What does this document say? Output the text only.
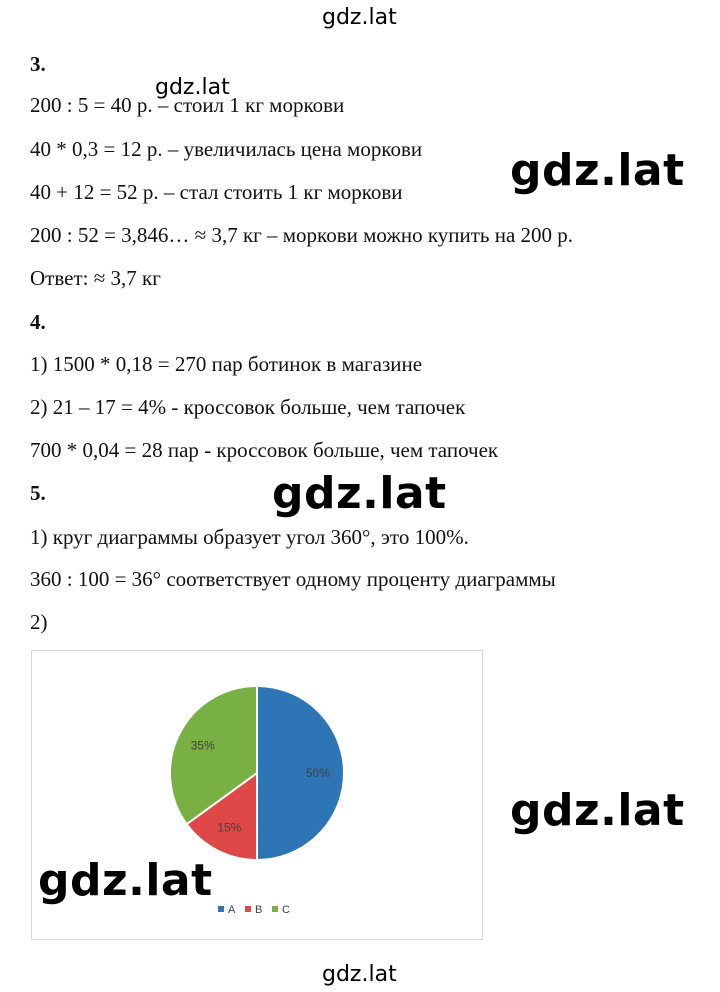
gdz.lat
gdz.lat
gdz.lat
gdz.lat
gdz.lat
gdz.lat
3.
200 : 5 = 40 р. – стоил 1 кг моркови
40 * 0,3 = 12 р. – увеличилась цена моркови
40 + 12 = 52 р. – стал стоить 1 кг моркови
200 : 52 = 3,846… ≈ 3,7 кг – моркови можно купить на 200 р.
Ответ: ≈ 3,7 кг
4.
1) 1500 * 0,18 = 270 пар ботинок в магазине
2) 21 – 17 = 4% - кроссовок больше, чем тапочек
700 * 0,04 = 28 пар - кроссовок больше, чем тапочек
5.
1) круг диаграммы образует угол 360°, это 100%.
360 : 100 = 36° соответствует одному проценту диаграммы
2)
50%
15%
35%
A B C
gdz.lat
